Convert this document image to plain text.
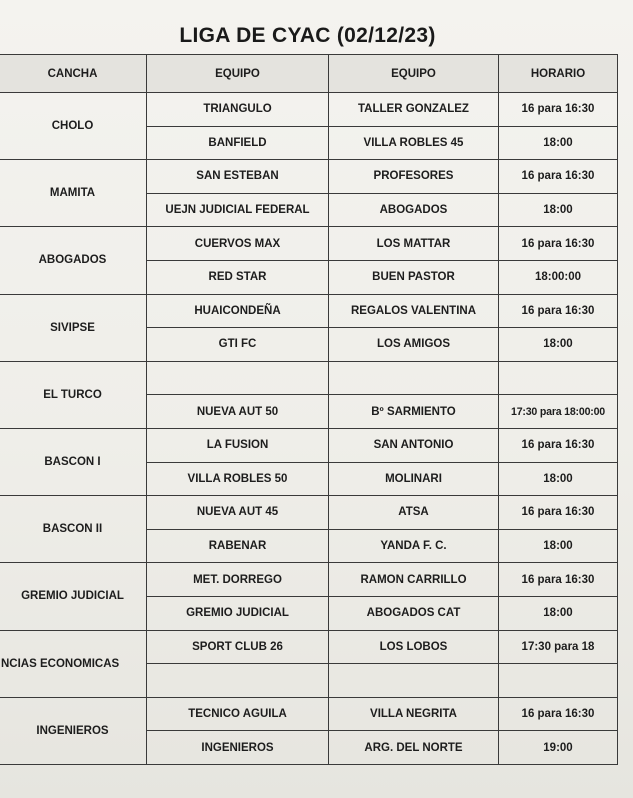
LIGA DE CYAC (02/12/23)
CANCHA	EQUIPO	EQUIPO	HORARIO
CHOLO	TRIANGULO	TALLER GONZALEZ	16 para 16:30
	BANFIELD	VILLA ROBLES 45	18:00
MAMITA	SAN ESTEBAN	PROFESORES	16 para 16:30
	UEJN JUDICIAL FEDERAL	ABOGADOS	18:00
ABOGADOS	CUERVOS MAX	LOS MATTAR	16 para 16:30
	RED STAR	BUEN PASTOR	18:00:00
SIVIPSE	HUAICONDEÑA	REGALOS VALENTINA	16 para 16:30
	GTI FC	LOS AMIGOS	18:00
EL TURCO			
	NUEVA AUT 50	Bº SARMIENTO	17:30 para 18:00:00
BASCON I	LA FUSION	SAN ANTONIO	16 para 16:30
	VILLA ROBLES 50	MOLINARI	18:00
BASCON II	NUEVA AUT 45	ATSA	16 para 16:30
	RABENAR	YANDA F. C.	18:00
GREMIO JUDICIAL	MET. DORREGO	RAMON CARRILLO	16 para 16:30
	GREMIO JUDICIAL	ABOGADOS CAT	18:00
NCIAS ECONOMICAS	SPORT CLUB 26	LOS LOBOS	17:30 para 18

INGENIEROS	TECNICO AGUILA	VILLA NEGRITA	16 para 16:30
	INGENIEROS	ARG. DEL NORTE	19:00
